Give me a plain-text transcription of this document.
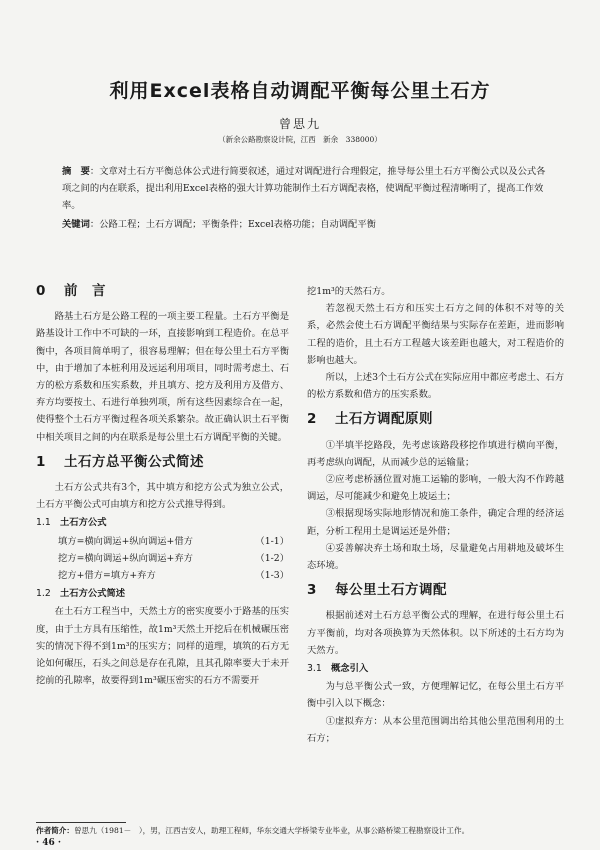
利用Excel表格自动调配平衡每公里土石方
曾思九
（新余公路勘察设计院，江西　新余　338000）

摘　要：文章对土石方平衡总体公式进行简要叙述，通过对调配进行合理假定，推导每公里土石方平衡公式以及公式各项之间的内在联系，提出利用Excel表格的强大计算功能制作土石方调配表格，使调配平衡过程清晰明了，提高工作效率。

关键词：公路工程；土石方调配；平衡条件；Excel表格功能；自动调配平衡

0 前　言

路基土石方是公路工程的一项主要工程量。土石方平衡是路基设计工作中不可缺的一环，直接影响到工程造价。在总平衡中，各项目简单明了，很容易理解；但在每公里土石方平衡中，由于增加了本桩利用及远运利用项目，同时需考虑土、石方的松方系数和压实系数，并且填方、挖方及利用方及借方、弃方均要按土、石进行单独列项，所有这些因素综合在一起，使得整个土石方平衡过程各项关系繁杂。故正确认识土石平衡中相关项目之间的内在联系是每公里土石方调配平衡的关键。

1 土石方总平衡公式简述

土石方公式共有3个，其中填方和挖方公式为独立公式，土石方平衡公式可由填方和挖方公式推导得到。

1.1 土石方公式
填方=横向调运+纵向调运+借方	（1-1）
挖方=横向调运+纵向调运+弃方	（1-2）
挖方+借方=填方+弃方	（1-3）
1.2 土石方公式简述

在土石方工程当中，天然土方的密实度要小于路基的压实度，由于土方具有压缩性，故1m³天然土开挖后在机械碾压密实的情况下得不到1m³的压实方；同样的道理，填筑的石方无论如何碾压，石头之间总是存在孔隙，且其孔隙率要大于未开挖前的孔隙率，故要得到1m³碾压密实的石方不需要开

挖1m³的天然石方。

若忽视天然土石方和压实土石方之间的体积不对等的关系，必然会使土石方调配平衡结果与实际存在差距，进而影响工程的造价，且土石方工程越大该差距也越大，对工程造价的影响也越大。

所以，上述3个土石方公式在实际应用中都应考虑土、石方的松方系数和借方的压实系数。

2 土石方调配原则

①半填半挖路段，先考虑该路段移挖作填进行横向平衡，再考虑纵向调配，从而减少总的运输量；

②应考虑桥涵位置对施工运输的影响，一般大沟不作跨越调运，尽可能减少和避免上坡运土；

③根据现场实际地形情况和施工条件，确定合理的经济运距，分析工程用土是调运还是外借；

④妥善解决弃土场和取土场，尽量避免占用耕地及破坏生态环境。

3 每公里土石方调配

根据前述对土石方总平衡公式的理解，在进行每公里土石方平衡前，均对各项换算为天然体积。以下所述的土石方均为天然方。

3.1 概念引入

为与总平衡公式一致，方便理解记忆，在每公里土石方平衡中引入以下概念：

①虚拟弃方：从本公里范围调出给其他公里范围利用的土石方；

作者简介：曾思九（1981－　），男，江西吉安人，助理工程师，华东交通大学桥梁专业毕业，从事公路桥梁工程勘察设计工作。
· 46 ·
